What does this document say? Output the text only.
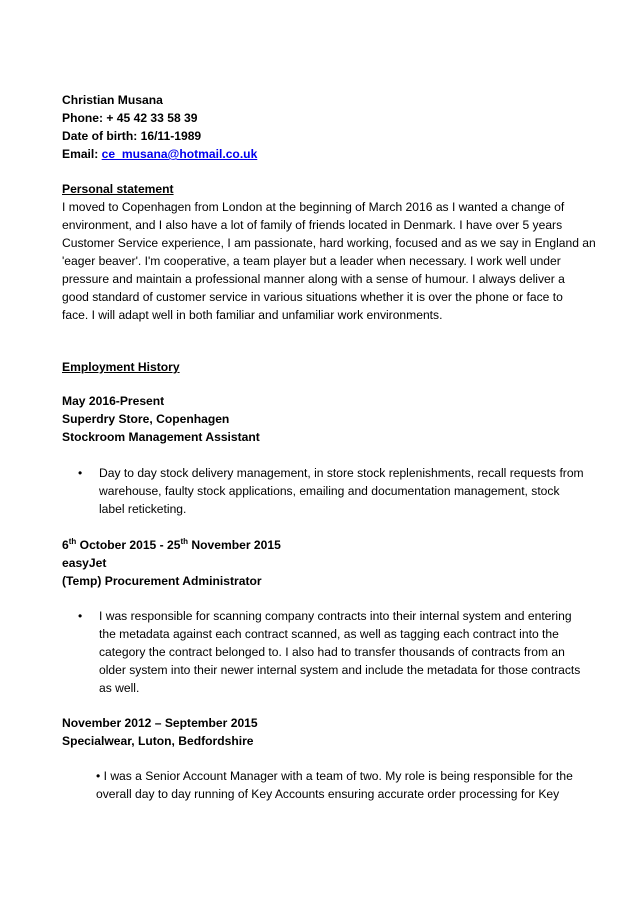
Christian Musana
Phone: + 45 42 33 58 39
Date of birth: 16/11-1989
Email: ce_musana@hotmail.co.uk
Personal statement
I moved to Copenhagen from London at the beginning of March 2016 as I wanted a change of
environment, and I also have a lot of family of friends located in Denmark. I have over 5 years
Customer Service experience, I am passionate, hard working, focused and as we say in England an
'eager beaver'. I'm cooperative, a team player but a leader when necessary. I work well under
pressure and maintain a professional manner along with a sense of humour. I always deliver a
good standard of customer service in various situations whether it is over the phone or face to
face. I will adapt well in both familiar and unfamiliar work environments.
Employment History
May 2016-Present
Superdry Store, Copenhagen
Stockroom Management Assistant
• Day to day stock delivery management, in store stock replenishments, recall requests from
warehouse, faulty stock applications, emailing and documentation management, stock
label reticketing.
6th October 2015 - 25th November 2015
easyJet
(Temp) Procurement Administrator
• I was responsible for scanning company contracts into their internal system and entering
the metadata against each contract scanned, as well as tagging each contract into the
category the contract belonged to. I also had to transfer thousands of contracts from an
older system into their newer internal system and include the metadata for those contracts
as well.
November 2012 – September 2015
Specialwear, Luton, Bedfordshire
• I was a Senior Account Manager with a team of two. My role is being responsible for the
overall day to day running of Key Accounts ensuring accurate order processing for Key
